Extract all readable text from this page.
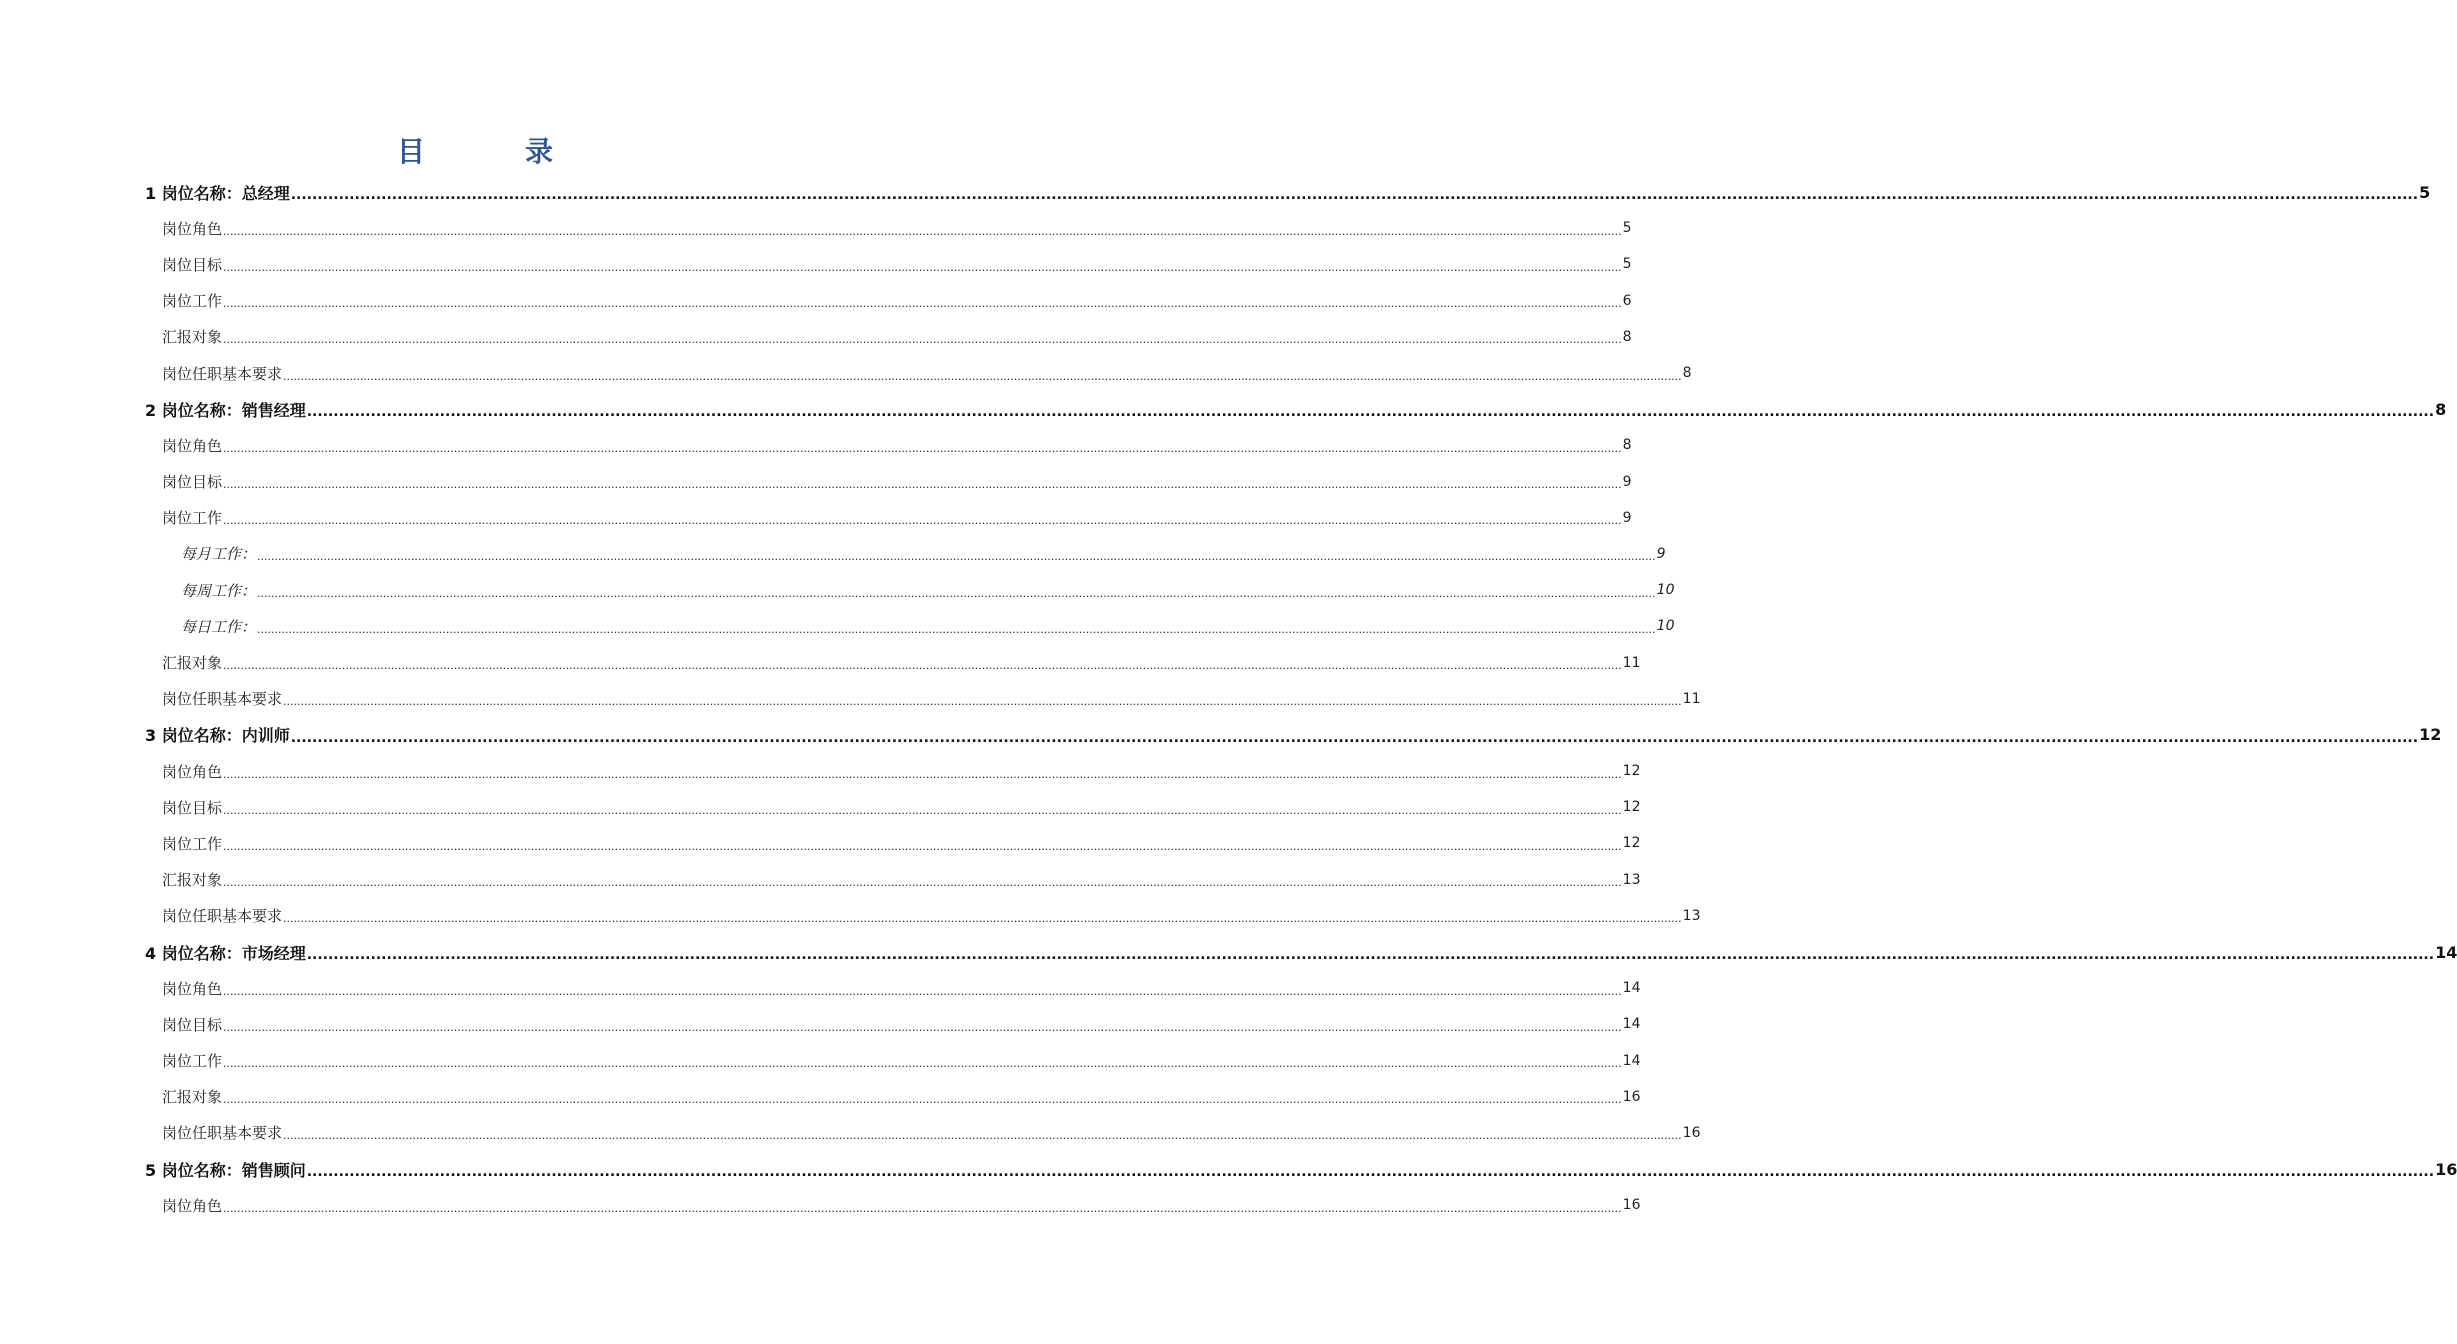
目　录
1 岗位名称：总经理 ................................................................................................................................................................................................................................................................................................................................................................................................................ 5
岗位角色 ................................................................................................................................................................................................................................................................................................................................................................................................................ 5
岗位目标 ................................................................................................................................................................................................................................................................................................................................................................................................................ 5
岗位工作 ................................................................................................................................................................................................................................................................................................................................................................................................................ 6
汇报对象 ................................................................................................................................................................................................................................................................................................................................................................................................................ 8
岗位任职基本要求 ................................................................................................................................................................................................................................................................................................................................................................................................................ 8
2 岗位名称：销售经理 ................................................................................................................................................................................................................................................................................................................................................................................................................ 8
岗位角色 ................................................................................................................................................................................................................................................................................................................................................................................................................ 8
岗位目标 ................................................................................................................................................................................................................................................................................................................................................................................................................ 9
岗位工作 ................................................................................................................................................................................................................................................................................................................................................................................................................ 9
每月工作： ................................................................................................................................................................................................................................................................................................................................................................................................................ 9
每周工作： ................................................................................................................................................................................................................................................................................................................................................................................................................ 10
每日工作： ................................................................................................................................................................................................................................................................................................................................................................................................................ 10
汇报对象 ................................................................................................................................................................................................................................................................................................................................................................................................................ 11
岗位任职基本要求 ................................................................................................................................................................................................................................................................................................................................................................................................................ 11
3 岗位名称：内训师 ................................................................................................................................................................................................................................................................................................................................................................................................................ 12
岗位角色 ................................................................................................................................................................................................................................................................................................................................................................................................................ 12
岗位目标 ................................................................................................................................................................................................................................................................................................................................................................................................................ 12
岗位工作 ................................................................................................................................................................................................................................................................................................................................................................................................................ 12
汇报对象 ................................................................................................................................................................................................................................................................................................................................................................................................................ 13
岗位任职基本要求 ................................................................................................................................................................................................................................................................................................................................................................................................................ 13
4 岗位名称：市场经理 ................................................................................................................................................................................................................................................................................................................................................................................................................ 14
岗位角色 ................................................................................................................................................................................................................................................................................................................................................................................................................ 14
岗位目标 ................................................................................................................................................................................................................................................................................................................................................................................................................ 14
岗位工作 ................................................................................................................................................................................................................................................................................................................................................................................................................ 14
汇报对象 ................................................................................................................................................................................................................................................................................................................................................................................................................ 16
岗位任职基本要求 ................................................................................................................................................................................................................................................................................................................................................................................................................ 16
5 岗位名称：销售顾问 ................................................................................................................................................................................................................................................................................................................................................................................................................ 16
岗位角色 ................................................................................................................................................................................................................................................................................................................................................................................................................ 16
